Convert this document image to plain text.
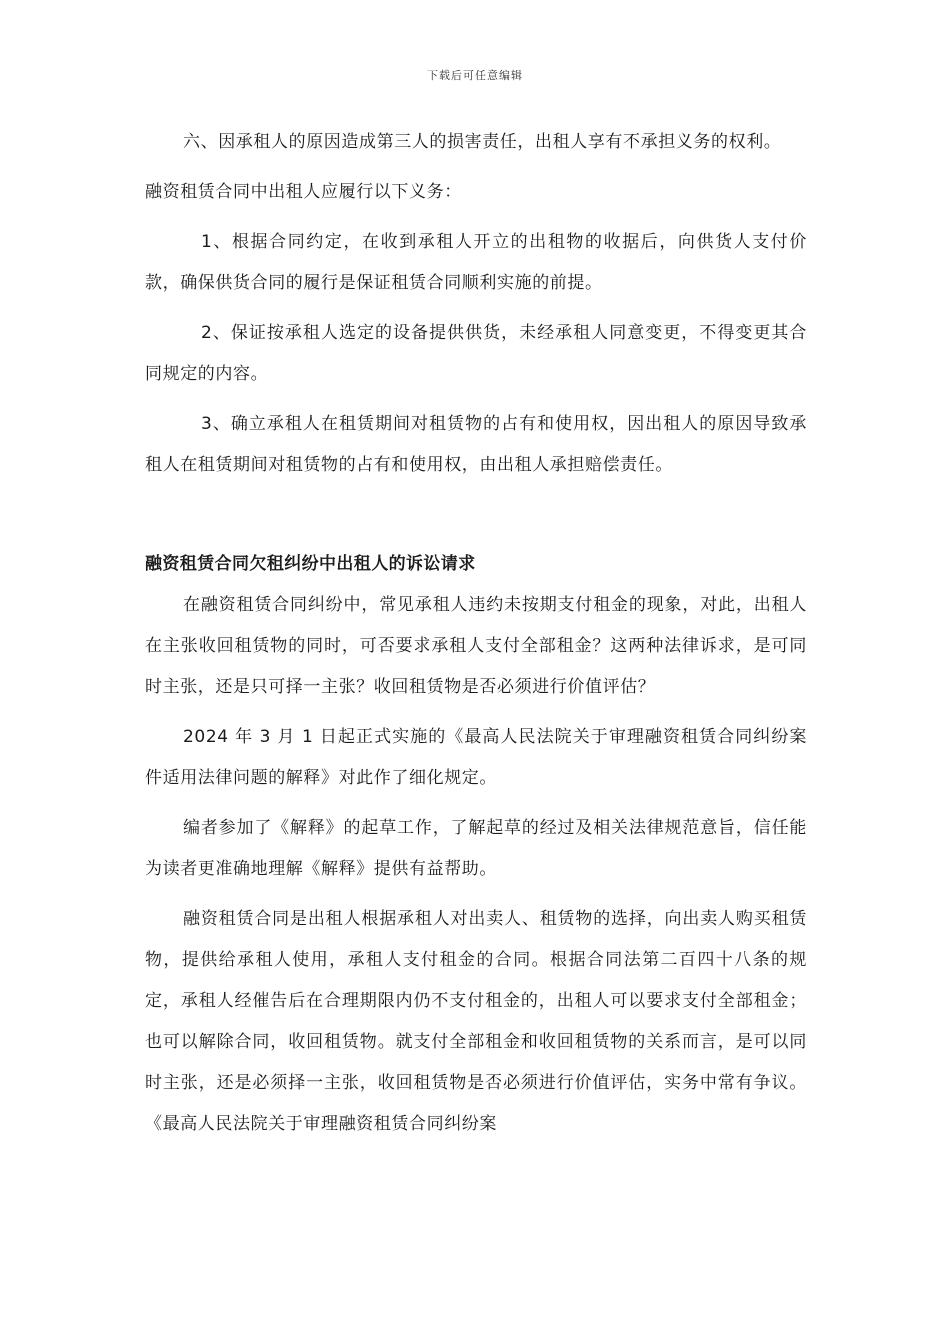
下载后可任意编辑

六、因承租人的原因造成第三人的损害责任，出租人享有不承担义务的权利。

融资租赁合同中出租人应履行以下义务：

1、根据合同约定，在收到承租人开立的出租物的收据后，向供货人支付价款，确保供货合同的履行是保证租赁合同顺利实施的前提。

2、保证按承租人选定的设备提供供货，未经承租人同意变更，不得变更其合同规定的内容。

3、确立承租人在租赁期间对租赁物的占有和使用权，因出租人的原因导致承租人在租赁期间对租赁物的占有和使用权，由出租人承担赔偿责任。

融资租赁合同欠租纠纷中出租人的诉讼请求

在融资租赁合同纠纷中，常见承租人违约未按期支付租金的现象，对此，出租人在主张收回租赁物的同时，可否要求承租人支付全部租金？这两种法律诉求，是可同时主张，还是只可择一主张？收回租赁物是否必须进行价值评估？

2024 年 3 月 1 日起正式实施的《最高人民法院关于审理融资租赁合同纠纷案件适用法律问题的解释》对此作了细化规定。

编者参加了《解释》的起草工作，了解起草的经过及相关法律规范意旨，信任能为读者更准确地理解《解释》提供有益帮助。

融资租赁合同是出租人根据承租人对出卖人、租赁物的选择，向出卖人购买租赁物，提供给承租人使用，承租人支付租金的合同。根据合同法第二百四十八条的规定，承租人经催告后在合理期限内仍不支付租金的，出租人可以要求支付全部租金；也可以解除合同，收回租赁物。就支付全部租金和收回租赁物的关系而言，是可以同时主张，还是必须择一主张，收回租赁物是否必须进行价值评估，实务中常有争议。《最高人民法院关于审理融资租赁合同纠纷案
